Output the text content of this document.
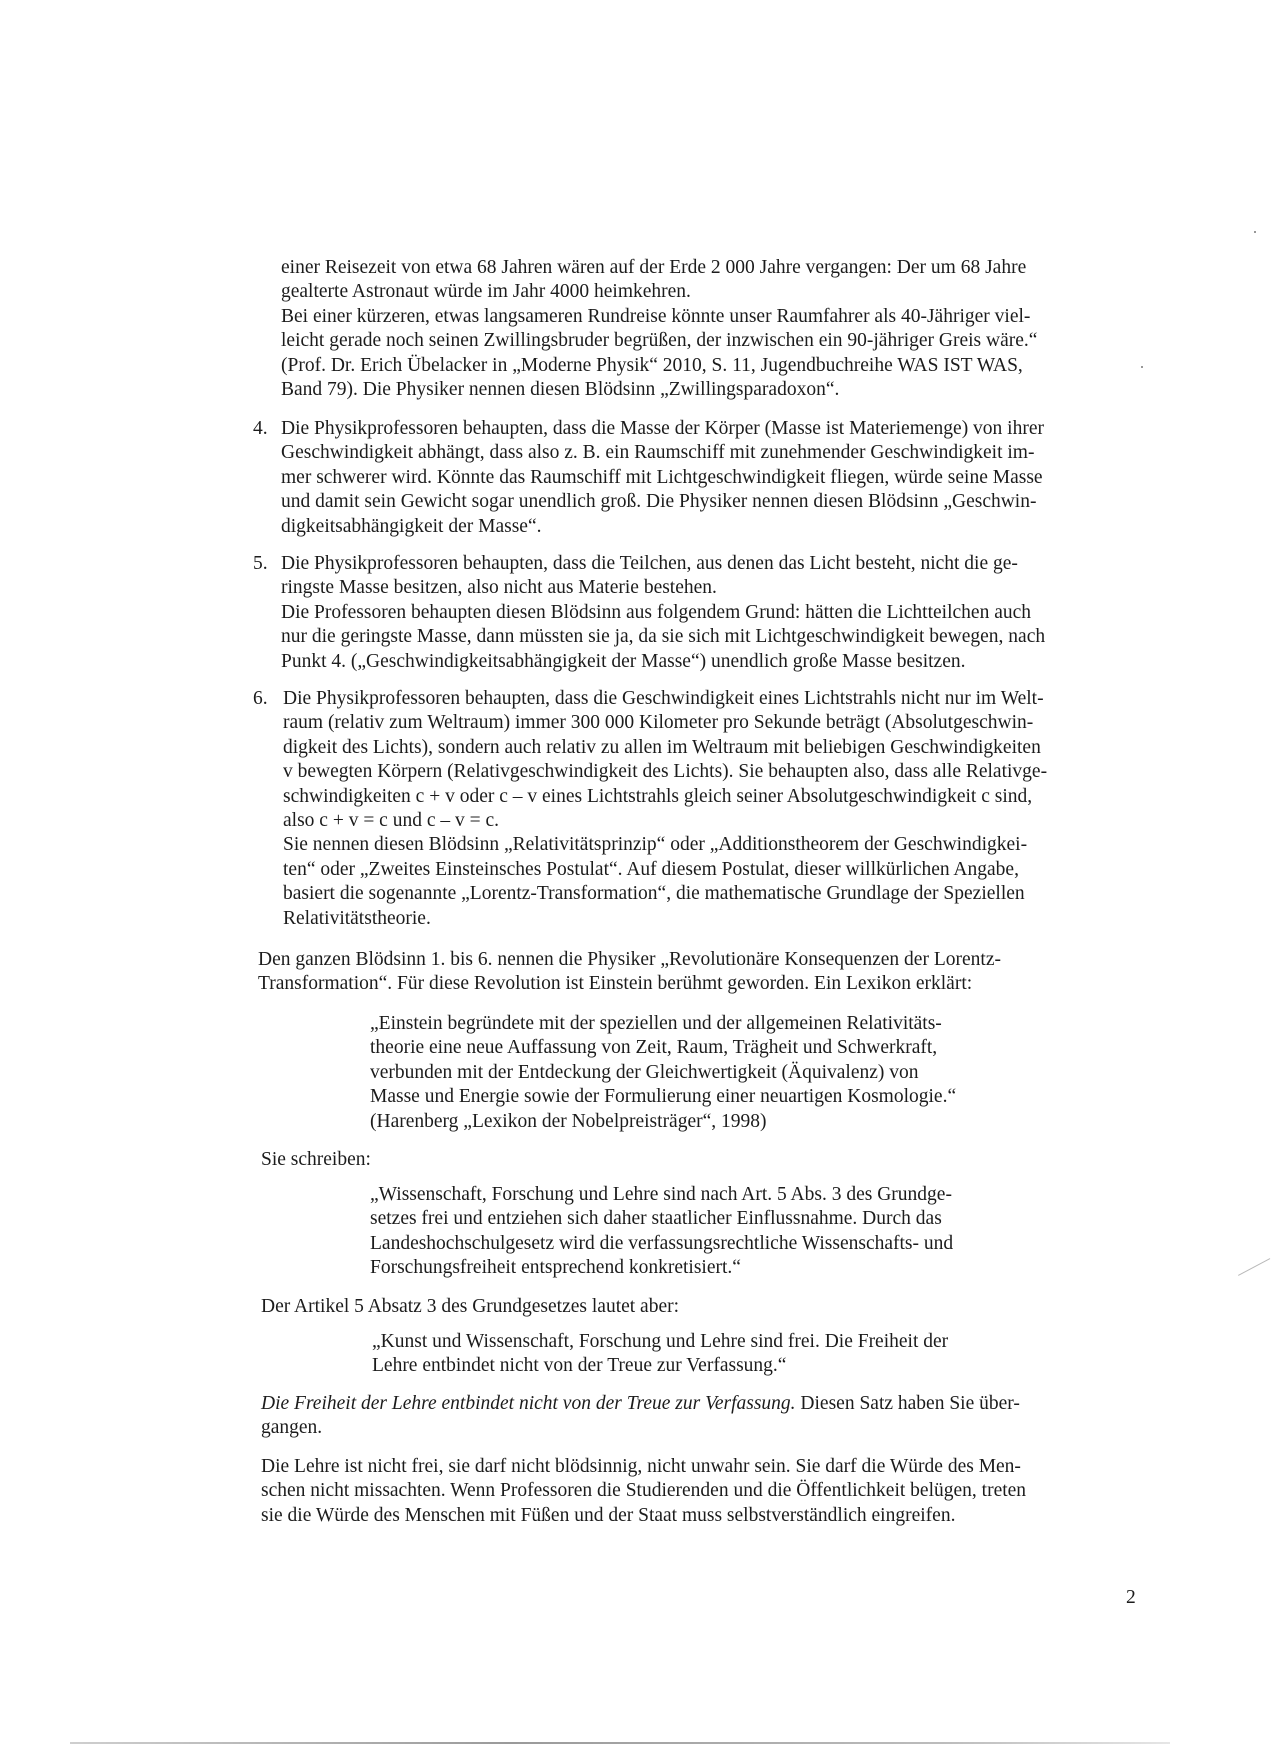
einer Reisezeit von etwa 68 Jahren wären auf der Erde 2 000 Jahre vergangen: Der um 68 Jahre
gealterte Astronaut würde im Jahr 4000 heimkehren.
Bei einer kürzeren, etwas langsameren Rundreise könnte unser Raumfahrer als 40-Jähriger viel-
leicht gerade noch seinen Zwillingsbruder begrüßen, der inzwischen ein 90-jähriger Greis wäre.“
(Prof. Dr. Erich Übelacker in „Moderne Physik“ 2010, S. 11, Jugendbuchreihe WAS IST WAS,
Band 79). Die Physiker nennen diesen Blödsinn „Zwillingsparadoxon“.
4. Die Physikprofessoren behaupten, dass die Masse der Körper (Masse ist Materiemenge) von ihrer
Geschwindigkeit abhängt, dass also z. B. ein Raumschiff mit zunehmender Geschwindigkeit im-
mer schwerer wird. Könnte das Raumschiff mit Lichtgeschwindigkeit fliegen, würde seine Masse
und damit sein Gewicht sogar unendlich groß. Die Physiker nennen diesen Blödsinn „Geschwin-
digkeitsabhängigkeit der Masse“.
5. Die Physikprofessoren behaupten, dass die Teilchen, aus denen das Licht besteht, nicht die ge-
ringste Masse besitzen, also nicht aus Materie bestehen.
Die Professoren behaupten diesen Blödsinn aus folgendem Grund: hätten die Lichtteilchen auch
nur die geringste Masse, dann müssten sie ja, da sie sich mit Lichtgeschwindigkeit bewegen, nach
Punkt 4. („Geschwindigkeitsabhängigkeit der Masse“) unendlich große Masse besitzen.
6. Die Physikprofessoren behaupten, dass die Geschwindigkeit eines Lichtstrahls nicht nur im Welt-
raum (relativ zum Weltraum) immer 300 000 Kilometer pro Sekunde beträgt (Absolutgeschwin-
digkeit des Lichts), sondern auch relativ zu allen im Weltraum mit beliebigen Geschwindigkeiten
v bewegten Körpern (Relativgeschwindigkeit des Lichts). Sie behaupten also, dass alle Relativge-
schwindigkeiten c + v oder c – v eines Lichtstrahls gleich seiner Absolutgeschwindigkeit c sind,
also c + v = c und c – v = c.
Sie nennen diesen Blödsinn „Relativitätsprinzip“ oder „Additionstheorem der Geschwindigkei-
ten“ oder „Zweites Einsteinsches Postulat“. Auf diesem Postulat, dieser willkürlichen Angabe,
basiert die sogenannte „Lorentz-Transformation“, die mathematische Grundlage der Speziellen
Relativitätstheorie.
Den ganzen Blödsinn 1. bis 6. nennen die Physiker „Revolutionäre Konsequenzen der Lorentz-
Transformation“. Für diese Revolution ist Einstein berühmt geworden. Ein Lexikon erklärt:
„Einstein begründete mit der speziellen und der allgemeinen Relativitäts-
theorie eine neue Auffassung von Zeit, Raum, Trägheit und Schwerkraft,
verbunden mit der Entdeckung der Gleichwertigkeit (Äquivalenz) von
Masse und Energie sowie der Formulierung einer neuartigen Kosmologie.“
(Harenberg „Lexikon der Nobelpreisträger“, 1998)
Sie schreiben:
„Wissenschaft, Forschung und Lehre sind nach Art. 5 Abs. 3 des Grundge-
setzes frei und entziehen sich daher staatlicher Einflussnahme. Durch das
Landeshochschulgesetz wird die verfassungsrechtliche Wissenschafts- und
Forschungsfreiheit entsprechend konkretisiert.“
Der Artikel 5 Absatz 3 des Grundgesetzes lautet aber:
„Kunst und Wissenschaft, Forschung und Lehre sind frei. Die Freiheit der
Lehre entbindet nicht von der Treue zur Verfassung.“
Die Freiheit der Lehre entbindet nicht von der Treue zur Verfassung. Diesen Satz haben Sie über-
gangen.
Die Lehre ist nicht frei, sie darf nicht blödsinnig, nicht unwahr sein. Sie darf die Würde des Men-
schen nicht missachten. Wenn Professoren die Studierenden und die Öffentlichkeit belügen, treten
sie die Würde des Menschen mit Füßen und der Staat muss selbstverständlich eingreifen.
2
